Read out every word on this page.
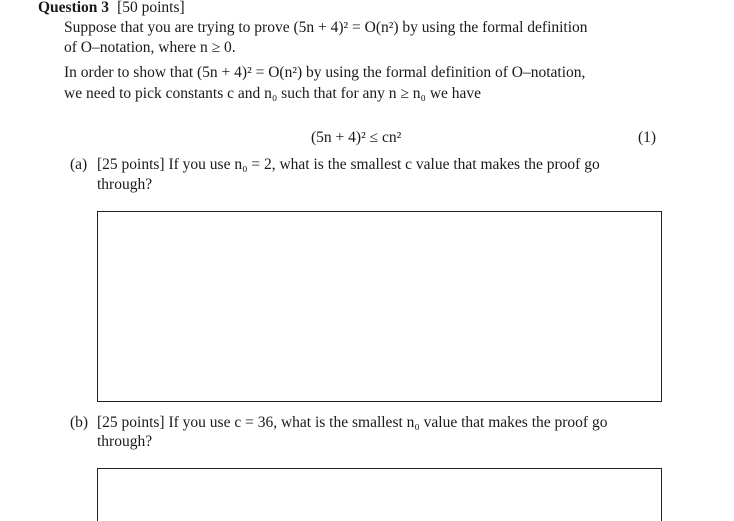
Question 3 [50 points]
Suppose that you are trying to prove (5n + 4)² = O(n²) by using the formal definition
of O–notation, where n ≥ 0.
In order to show that (5n + 4)² = O(n²) by using the formal definition of O–notation,
we need to pick constants c and n₀ such that for any n ≥ n₀ we have
(5n + 4)² ≤ cn²	(1)
(a) [25 points] If you use n₀ = 2, what is the smallest c value that makes the proof go
through?
(b) [25 points] If you use c = 36, what is the smallest n₀ value that makes the proof go
through?
